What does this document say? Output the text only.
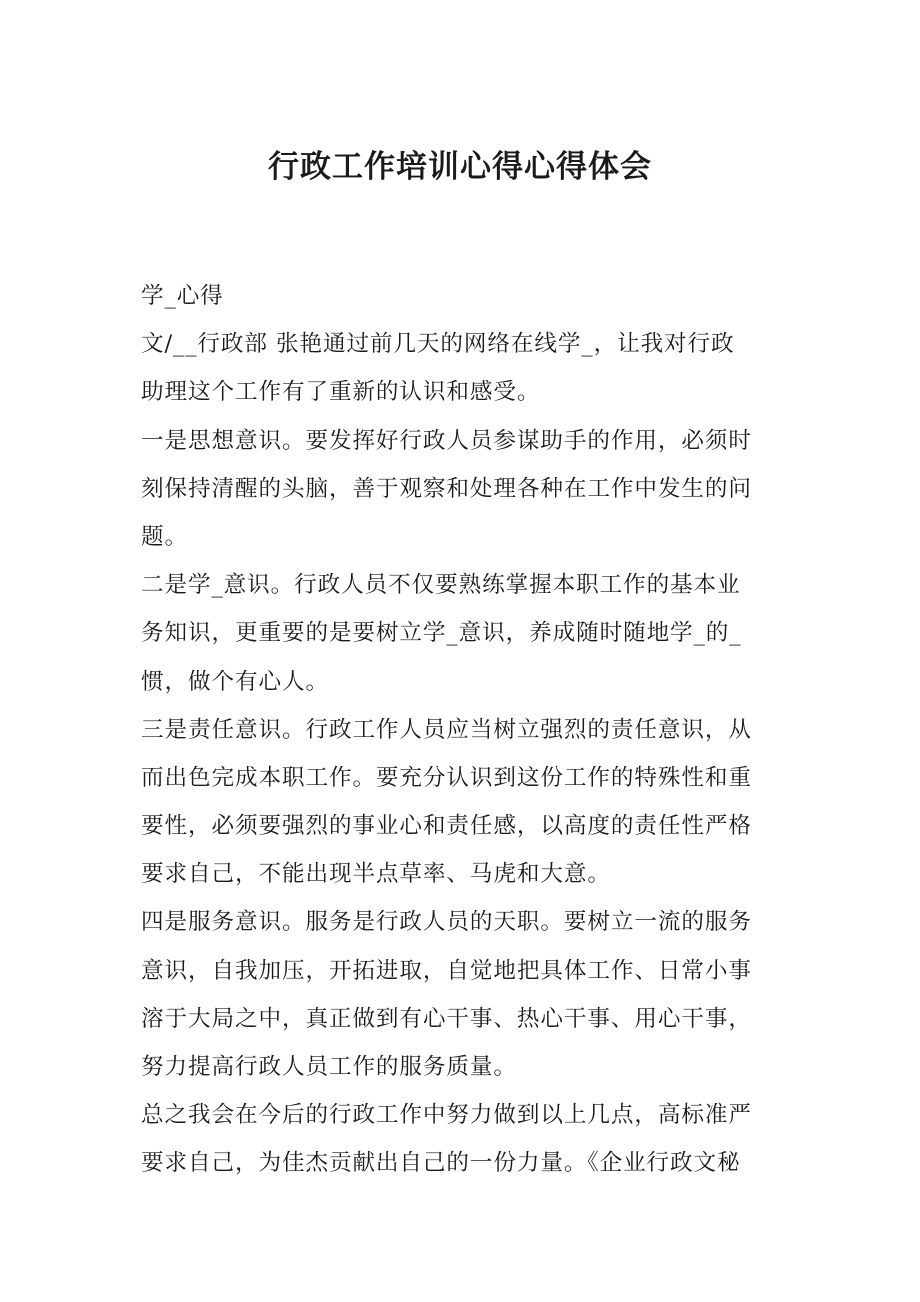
行政工作培训心得心得体会
学_心得
文/__行政部 张艳通过前几天的网络在线学_，让我对行政
助理这个工作有了重新的认识和感受。
一是思想意识。要发挥好行政人员参谋助手的作用，必须时
刻保持清醒的头脑，善于观察和处理各种在工作中发生的问
题。
二是学_意识。行政人员不仅要熟练掌握本职工作的基本业
务知识，更重要的是要树立学_意识，养成随时随地学_的_
惯，做个有心人。
三是责任意识。行政工作人员应当树立强烈的责任意识，从
而出色完成本职工作。要充分认识到这份工作的特殊性和重
要性，必须要强烈的事业心和责任感，以高度的责任性严格
要求自己，不能出现半点草率、马虎和大意。
四是服务意识。服务是行政人员的天职。要树立一流的服务
意识，自我加压，开拓进取，自觉地把具体工作、日常小事
溶于大局之中，真正做到有心干事、热心干事、用心干事，
努力提高行政人员工作的服务质量。
总之我会在今后的行政工作中努力做到以上几点，高标准严
要求自己，为佳杰贡献出自己的一份力量。《企业行政文秘
